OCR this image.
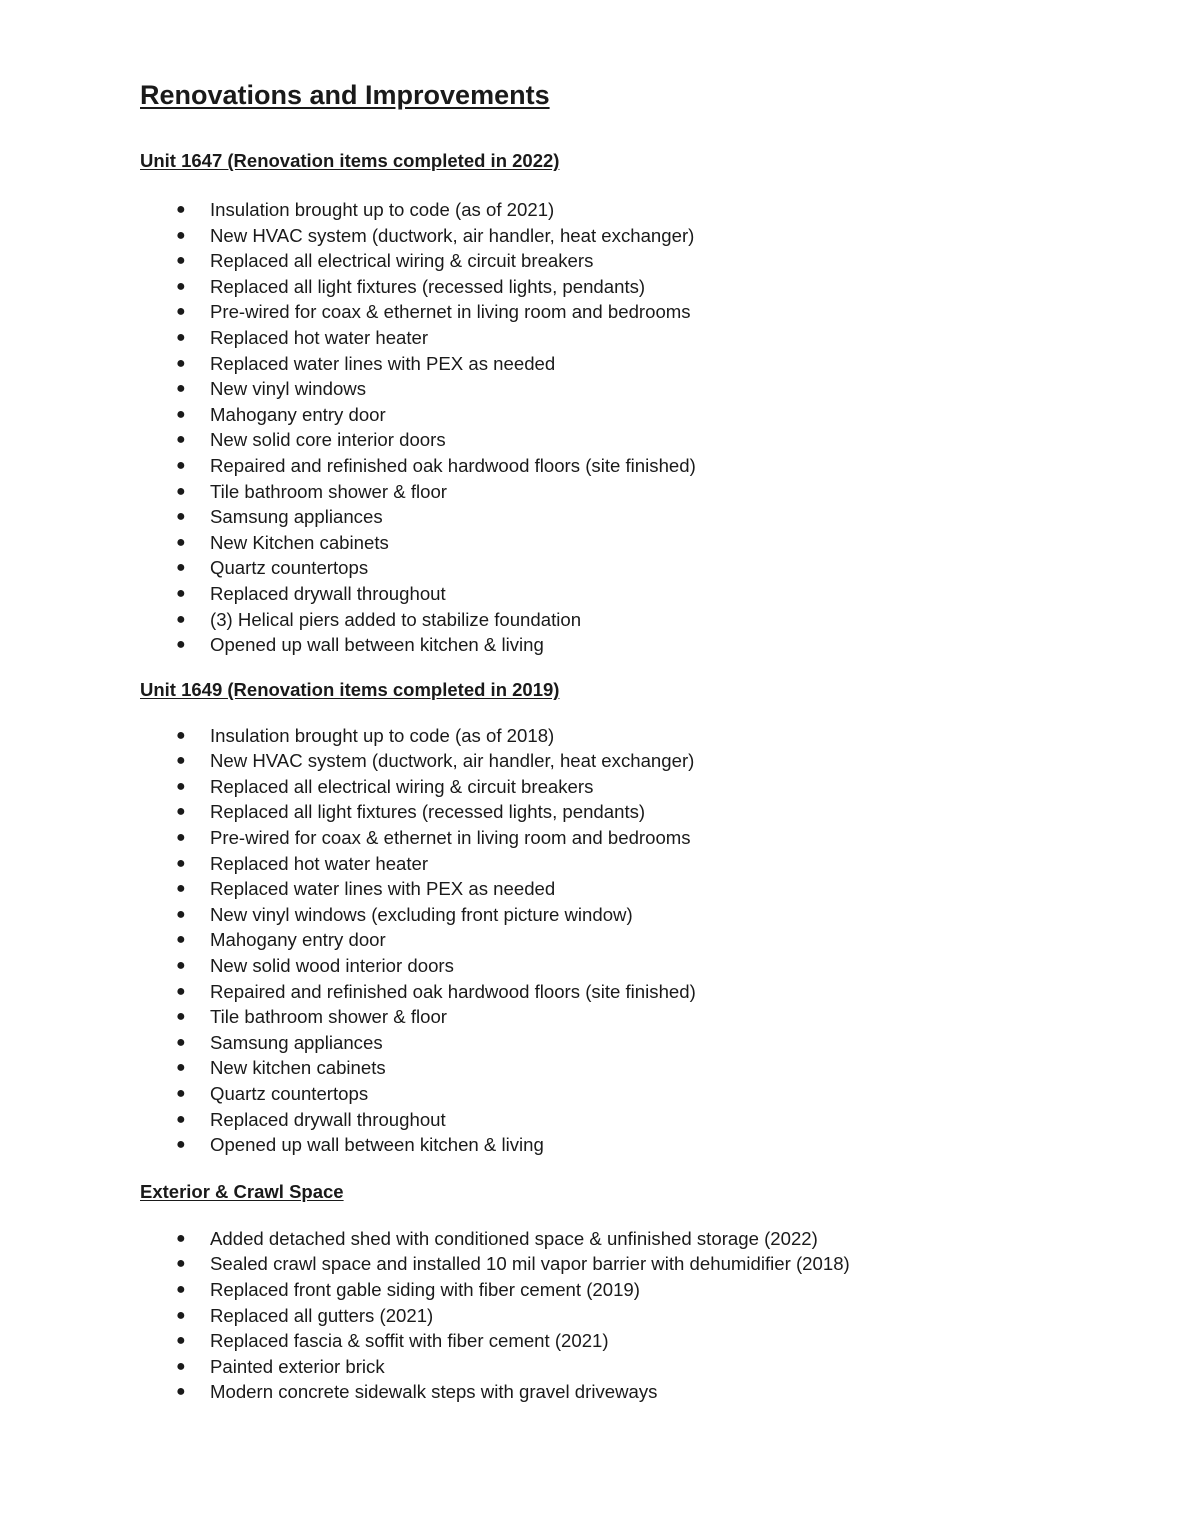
Renovations and Improvements
Unit 1647 (Renovation items completed in 2022)
● Insulation brought up to code (as of 2021)
● New HVAC system (ductwork, air handler, heat exchanger)
● Replaced all electrical wiring & circuit breakers
● Replaced all light fixtures (recessed lights, pendants)
● Pre-wired for coax & ethernet in living room and bedrooms
● Replaced hot water heater
● Replaced water lines with PEX as needed
● New vinyl windows
● Mahogany entry door
● New solid core interior doors
● Repaired and refinished oak hardwood floors (site finished)
● Tile bathroom shower & floor
● Samsung appliances
● New Kitchen cabinets
● Quartz countertops
● Replaced drywall throughout
● (3) Helical piers added to stabilize foundation
● Opened up wall between kitchen & living
Unit 1649 (Renovation items completed in 2019)
● Insulation brought up to code (as of 2018)
● New HVAC system (ductwork, air handler, heat exchanger)
● Replaced all electrical wiring & circuit breakers
● Replaced all light fixtures (recessed lights, pendants)
● Pre-wired for coax & ethernet in living room and bedrooms
● Replaced hot water heater
● Replaced water lines with PEX as needed
● New vinyl windows (excluding front picture window)
● Mahogany entry door
● New solid wood interior doors
● Repaired and refinished oak hardwood floors (site finished)
● Tile bathroom shower & floor
● Samsung appliances
● New kitchen cabinets
● Quartz countertops
● Replaced drywall throughout
● Opened up wall between kitchen & living
Exterior & Crawl Space
● Added detached shed with conditioned space & unfinished storage (2022)
● Sealed crawl space and installed 10 mil vapor barrier with dehumidifier (2018)
● Replaced front gable siding with fiber cement (2019)
● Replaced all gutters (2021)
● Replaced fascia & soffit with fiber cement (2021)
● Painted exterior brick
● Modern concrete sidewalk steps with gravel driveways
